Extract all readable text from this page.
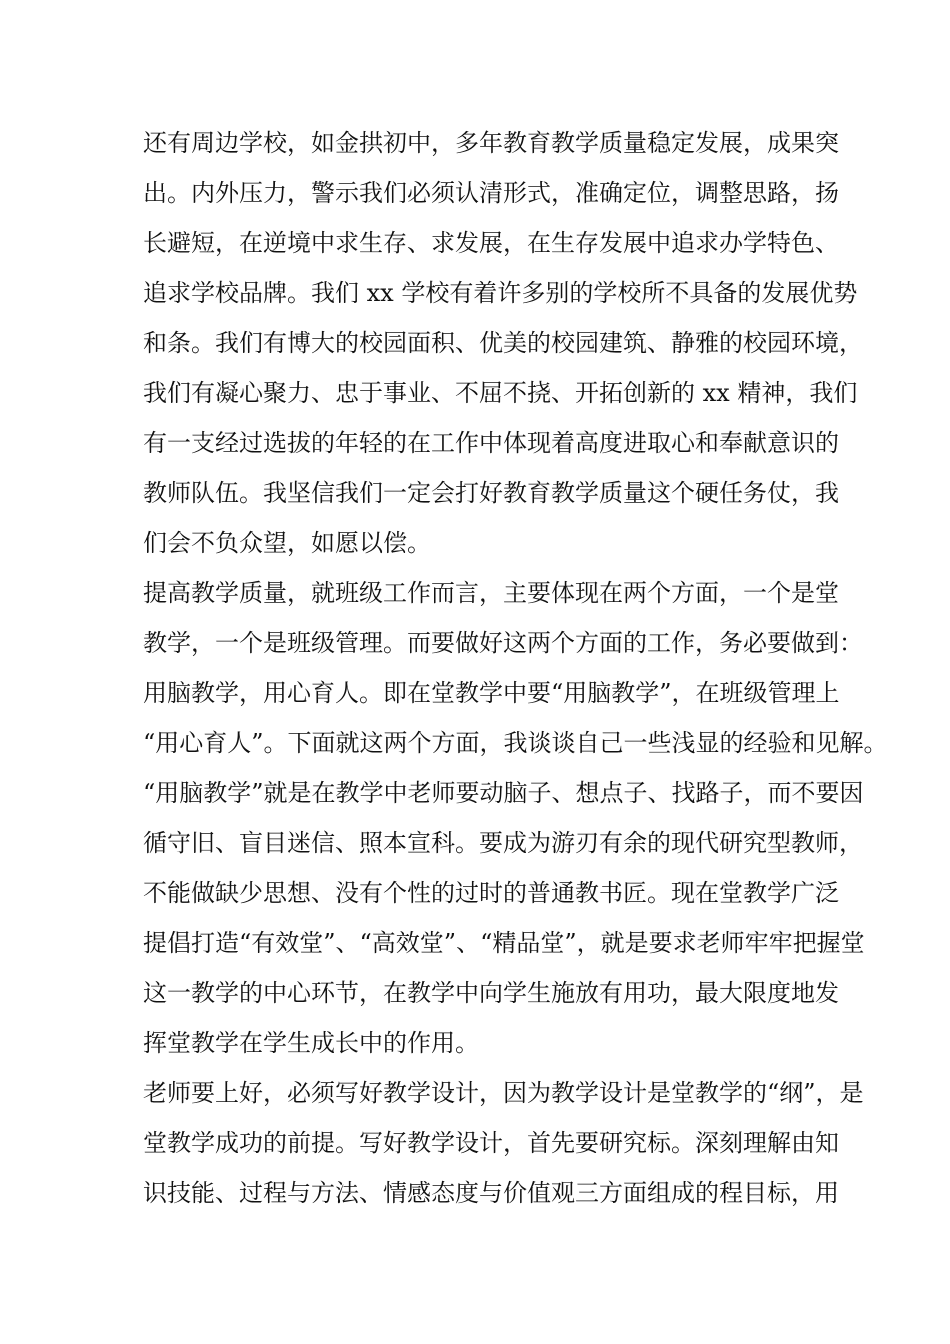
还有周边学校，如金拱初中，多年教育教学质量稳定发展，成果突
出。内外压力，警示我们必须认清形式，准确定位，调整思路，扬
长避短，在逆境中求生存、求发展，在生存发展中追求办学特色、
追求学校品牌。我们 xx 学校有着许多别的学校所不具备的发展优势
和条。我们有博大的校园面积、优美的校园建筑、静雅的校园环境，
我们有凝心聚力、忠于事业、不屈不挠、开拓创新的 xx 精神，我们
有一支经过选拔的年轻的在工作中体现着高度进取心和奉献意识的
教师队伍。我坚信我们一定会打好教育教学质量这个硬任务仗，我
们会不负众望，如愿以偿。
提高教学质量，就班级工作而言，主要体现在两个方面，一个是堂
教学，一个是班级管理。而要做好这两个方面的工作，务必要做到：
用脑教学，用心育人。即在堂教学中要“用脑教学”，在班级管理上
“用心育人”。下面就这两个方面，我谈谈自己一些浅显的经验和见解。
“用脑教学”就是在教学中老师要动脑子、想点子、找路子，而不要因
循守旧、盲目迷信、照本宣科。要成为游刃有余的现代研究型教师，
不能做缺少思想、没有个性的过时的普通教书匠。现在堂教学广泛
提倡打造“有效堂”、“高效堂”、“精品堂”，就是要求老师牢牢把握堂
这一教学的中心环节，在教学中向学生施放有用功，最大限度地发
挥堂教学在学生成长中的作用。
老师要上好，必须写好教学设计，因为教学设计是堂教学的“纲”，是
堂教学成功的前提。写好教学设计，首先要研究标。深刻理解由知
识技能、过程与方法、情感态度与价值观三方面组成的程目标，用
